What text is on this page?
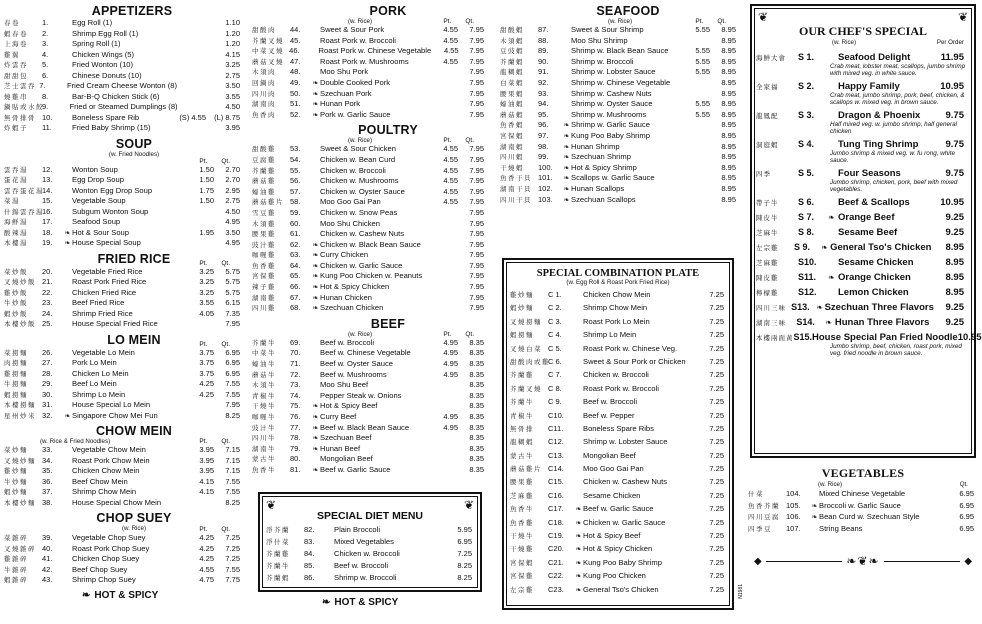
APPETIZERS
春卷	1.	Egg Roll (1)	1.10
蝦春卷	2.	Shrimp Egg Roll (1)	1.20
上海卷	3.	Spring Roll (1)	1.20
雞翼	4.	Chicken Wings (5)	4.15
炸雲吞	5.	Fried Wonton (10)	3.25
甜甜包	6.	Chinese Donuts (10)	2.75
芝士雲吞 7.	Fried Cream Cheese Wonton (8)	3.50
燒雞串	8.	Bar-B-Q Chicken Stick (6)	3.55
鍋貼或水餃
9.	Fried or Steamed Dumplings (8)	4.50
無骨排骨 10.	Boneless Spare Rib	(S) 4.55	(L) 8.75
炸蝦子	11.	Fried Baby Shrimp (15)	3.95
SOUP
(w. Fried Noodles)
Pt. Qt.
雲吞湯	12.	Wonton Soup	1.50	2.70
蛋花湯	13.	Egg Drop Soup	1.50	2.70
雲吞蛋花湯
14.	Wonton Egg Drop Soup	1.75	2.95
菜湯	15.	Vegetable Soup	1.50	2.75
什錦雲吞湯
16.	Subgum Wonton Soup	4.50
海鮮湯	17.	Seafood Soup	4.95
酸辣湯	18.	❧ Hot & Sour Soup	1.95	3.50
本樓湯	19.	❧ House Special Soup	4.95
FRIED RICE	Pt. Qt.
菜炒飯	20.	Vegetable Fried Rice	3.25	5.75
叉燒炒飯 21.	Roast Pork Fried Rice	3.25	5.75
雞炒飯	22.	Chicken Fried Rice	3.25	5.75
牛炒飯	23.	Beef Fried Rice	3.55	6.15
蝦炒飯	24.	Shrimp Fried Rice	4.05	7.35
本樓炒飯 25.	House Special Fried Rice	7.95
LO MEIN	Pt. Qt.
菜撈麵	26.	Vegetable Lo Mein	3.75	6.95
肉撈麵	27.	Pork Lo Mein	3.75	6.95
雞撈麵	28.	Chicken Lo Mein	3.75	6.95
牛撈麵	29.	Beef Lo Mein	4.25	7.55
蝦撈麵	30.	Shrimp Lo Mein	4.25	7.55
本樓撈麵 31.	House Special Lo Mein	7.95
星州炒米 32.	❧ Singapore Chow Mei Fun	8.25
CHOW MEIN
(w. Rice & Fried Noodles)	Pt. Qt.
菜炒麵	33.	Vegetable Chow Mein	3.95	7.15
叉燒炒麵 34.	Roast Pork Chow Mein	3.95	7.15
雞炒麵	35.	Chicken Chow Mein	3.95	7.15
牛炒麵	36.	Beef Chow Mein	4.15	7.55
蝦炒麵	37.	Shrimp Chow Mein	4.15	7.55
本樓炒麵 38.	House Special Chow Mein	8.25
CHOP SUEY
(w. Rice)	Pt. Qt.
菜雜碎	39.	Vegetable Chop Suey	4.25	7.25
叉燒雜碎 40.	Roast Pork Chop Suey	4.25	7.25
雞雜碎	41.	Chicken Chop Suey	4.25	7.25
牛雜碎	42.	Beef Chop Suey	4.55	7.55
蝦雜碎	43.	Shrimp Chop Suey	4.75	7.75
❧ HOT & SPICY
PORK
(w. Rice)	Pt. Qt.
甜酸肉	44.	Sweet & Sour Pork	4.55	7.95
芥蘭叉燒 45.	Roast Pork w. Broccoli	4.55	7.95
中菜叉燒 46.	Roast Pork w. Chinese Vegetable	4.55	7.95
蘑菇叉燒 47.	Roast Pork w. Mushrooms	4.55	7.95
木須肉	48.	Moo Shu Pork	7.95
回鍋肉	49.	❧ Double Cooked Pork	7.95
四川肉	50.	❧ Szechuan Pork	7.95
湖南肉	51.	❧ Hunan Pork	7.95
魚香肉	52.	❧ Pork w. Garlic Sauce	7.95
POULTRY
(w. Rice)	Pt. Qt.
甜酸雞	53.	Sweet & Sour Chicken	4.55	7.95
豆腐雞	54.	Chicken w. Bean Curd	4.55	7.95
芥蘭雞	55.	Chicken w. Broccoli	4.55	7.95
蘑菇雞	56.	Chicken w. Mushrooms	4.55	7.95
蠔油雞	57.	Chicken w. Oyster Sauce	4.55	7.95
蘑菇雞片 58.	Moo Goo Gai Pan	4.55	7.95
雪豆雞	59.	Chicken w. Snow Peas	7.95
木須雞	60.	Moo Shu Chicken	7.95
腰果雞	61.	Chicken w. Cashew Nuts	7.95
豉汁雞	62.	❧ Chicken w. Black Bean Sauce	7.95
咖喱雞	63.	❧ Curry Chicken	7.95
魚香雞	64.	❧ Chicken w. Garlic Sauce	7.95
宮保雞	65.	❧ Kung Poo Chicken w. Peanuts	7.95
辣子雞	66.	❧ Hot & Spicy Chicken	7.95
湖南雞	67.	❧ Hunan Chicken	7.95
四川雞	68.	❧ Szechuan Chicken	7.95
BEEF
(w. Rice)	Pt. Qt.
芥蘭牛	69.	Beef w. Broccoli	4.95	8.35
中菜牛	70.	Beef w. Chinese Vegetable	4.95	8.35
蠔油牛	71.	Beef w. Oyster Sauce	4.95	8.35
蘑菇牛	72.	Beef w. Mushrooms	4.95	8.35
木須牛	73.	Moo Shu Beef	8.35
青椒牛	74.	Pepper Steak w. Onions	8.35
干燒牛	75.	❧ Hot & Spicy Beef	8.35
咖喱牛	76.	❧ Curry Beef	4.95	8.35
豉汁牛	77.	❧ Beef w. Black Bean Sauce	4.95	8.35
四川牛	78.	❧ Szechuan Beef	8.35
湖南牛	79.	❧ Hunan Beef	8.35
蒙古牛	80.	Mongolian Beef	8.35
魚香牛	81.	❧ Beef w. Garlic Sauce	8.35
❦	❦
SPECIAL DIET MENU
淨芥蘭	82.	Plain Broccoli	5.95
淨什菜	83.	Mixed Vegetables	6.95
芥蘭雞	84.	Chicken w. Broccoli	7.25
芥蘭牛	85.	Beef w. Broccoli	8.25
芥蘭蝦	86.	Shrimp w. Broccoli	8.25
❧ HOT & SPICY
SEAFOOD
(w. Rice)	Pt. Qt.
甜酸蝦	87.	Sweet & Sour Shrimp	5.55	8.95
木須蝦	88.	Moo Shu Shrimp	8.95
豆豉蝦	89.	Shrimp w. Black Bean Sauce	5.55	8.95
芥蘭蝦	90.	Shrimp w. Broccoli	5.55	8.95
龍糊蝦	91.	Shrimp w. Lobster Sauce	5.55	8.95
白菜蝦	92.	Shrimp w. Chinese Vegetable	8.95
腰果蝦	93.	Shrimp w. Cashew Nuts	8.95
蠔油蝦	94.	Shrimp w. Oyster Sauce	5.55	8.95
蘑菇蝦	95.	Shrimp w. Mushrooms	5.55	8.95
魚香蝦	96.	❧ Shrimp w. Garlic Sauce	8.95
宮保蝦	97.	❧ Kung Poo Baby Shrimp	8.95
湖南蝦	98.	❧ Hunan Shrimp	8.95
四川蝦	99.	❧ Szechuan Shrimp	8.95
干燒蝦	100.	❧ Hot & Spicy Shrimp	8.95
魚香干貝 101.	❧ Scallops w. Garlic Sauce	8.95
湖南干貝 102.	❧ Hunan Scallops	8.95
四川干貝 103.	❧ Szechuan Scallops	8.95
SPECIAL COMBINATION PLATE
(w. Egg Roll & Roast Pork Fried Rice)
雞炒麵	C 1.	Chicken Chow Mein	7.25
蝦炒麵	C 2.	Shrimp Chow Mein	7.25
叉燒撈麵 C 3.	Roast Pork Lo Mein	7.25
蝦撈麵	C 4.	Shrimp Lo Mein	7.25
叉燒白菜 C 5.	Roast Pork w. Chinese Veg.	7.25
甜酸肉或雞
C 6.	Sweet & Sour Pork or Chicken	7.25
芥蘭雞	C 7.	Chicken w. Broccoli	7.25
芥蘭叉燒 C 8.	Roast Pork w. Broccoli	7.25
芥蘭牛	C 9.	Beef w. Broccoli	7.25
青椒牛	C10.	Beef w. Pepper	7.25
無骨排	C11.	Boneless Spare Ribs	7.25
龍糊蝦	C12.	Shrimp w. Lobster Sauce	7.25
蒙古牛	C13.	Mongolian Beef	7.25
蘑菇雞片 C14.	Moo Goo Gai Pan	7.25
腰果雞	C15.	Chicken w. Cashew Nuts	7.25
芝麻雞	C16.	Sesame Chicken	7.25
魚香牛	C17.	❧ Beef w. Garlic Sauce	7.25
魚香雞	C18.	❧ Chicken w. Garlic Sauce	7.25
干燒牛	C19.	❧ Hot & Spicy Beef	7.25
干燒雞	C20.	❧ Hot & Spicy Chicken	7.25
宮保蝦	C21.	❧ Kung Poo Baby Shrimp	7.25
宮保雞	C22.	❧ Kung Poo Chicken	7.25
左宗雞	C23.	❧ General Tso's Chicken	7.25	N1981
❦	❦
OUR CHEF'S SPECIAL
(w. Rice)	Per Order
海鮮大會	S 1.	Seafood Delight	11.95
Crab meat, lobster meat, scallops, jumbo shrimp with mixed veg. in white sauce.
全家福	S 2.	Happy Family	10.95
Crab meat, jumbo shrimp, pork, beef, chicken, & scallops w. mixed veg. in brown sauce.
龍鳳配	S 3.	Dragon & Phoenix	9.75
Half mixed veg. w. jumbo shrimp, half general chicken
洞庭蝦	S 4.	Tung Ting Shrimp	9.75
Jumbo shrimp & mixed veg. w. fu rong, white sauce.
四季	S 5.	Four Seasons	9.75
Jumbo shrimp, chicken, pork, beef with mixed vegetables.
帶子牛	S 6.	Beef & Scallops	10.95
陳皮牛	S 7.	❧ Orange Beef	9.25
芝麻牛	S 8.	Sesame Beef	9.25
左宗雞	S 9.	❧ General Tso's Chicken	8.95
芝麻雞	S10.	Sesame Chicken	8.95
陳皮雞	S11.	❧ Orange Chicken	8.95
檸檬雞	S12.	Lemon Chicken	8.95
四川三味 S13. ❧ Szechuan Three Flavors	9.25
湖南三味	S14.	❧ Hunan Three Flavors	9.25
本樓兩面黃 S15. House Special Pan Fried Noodle 10.95
Jumbo shrimp, beef, chicken, roast pork, mixed veg. fried noodle in brown sauce.
VEGETABLES
(w. Rice)	Qt.
什菜	104.	Mixed Chinese Vegetable	6.95
魚香芥蘭 105.	❧ Broccoli w. Garlic Sauce	6.95
四川豆腐 106.	❧ Bean Curd w. Szechuan Style	6.95
四季豆	107.	String Beans	6.95
◆	❧❦❧	◆
